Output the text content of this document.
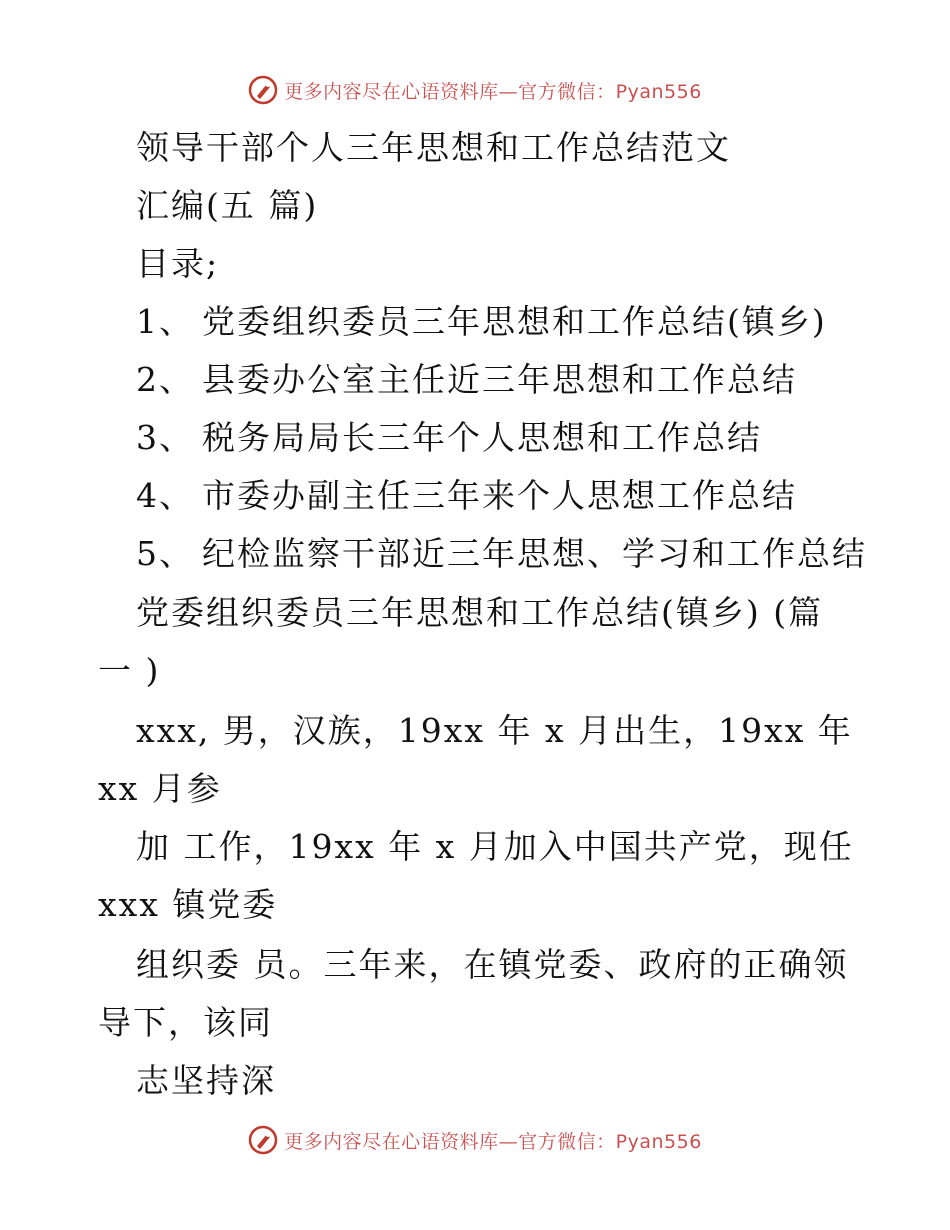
更多内容尽在心语资料库—官方微信：Pyan556
领导干部个人三年思想和工作总结范文
汇编(五 篇)
目录;
1、 党委组织委员三年思想和工作总结(镇乡)
2、 县委办公室主任近三年思想和工作总结
3、 税务局局长三年个人思想和工作总结
4、 市委办副主任三年来个人思想工作总结
5、 纪检监察干部近三年思想、学习和工作总结
党委组织委员三年思想和工作总结(镇乡) (篇
一 )
xxx, 男，汉族，19xx 年 x 月出生，19xx 年
xx 月参
加 工作，19xx 年 x 月加入中国共产党，现任
xxx 镇党委
组织委 员。三年来，在镇党委、政府的正确领
导下，该同
志坚持深
更多内容尽在心语资料库—官方微信：Pyan556
